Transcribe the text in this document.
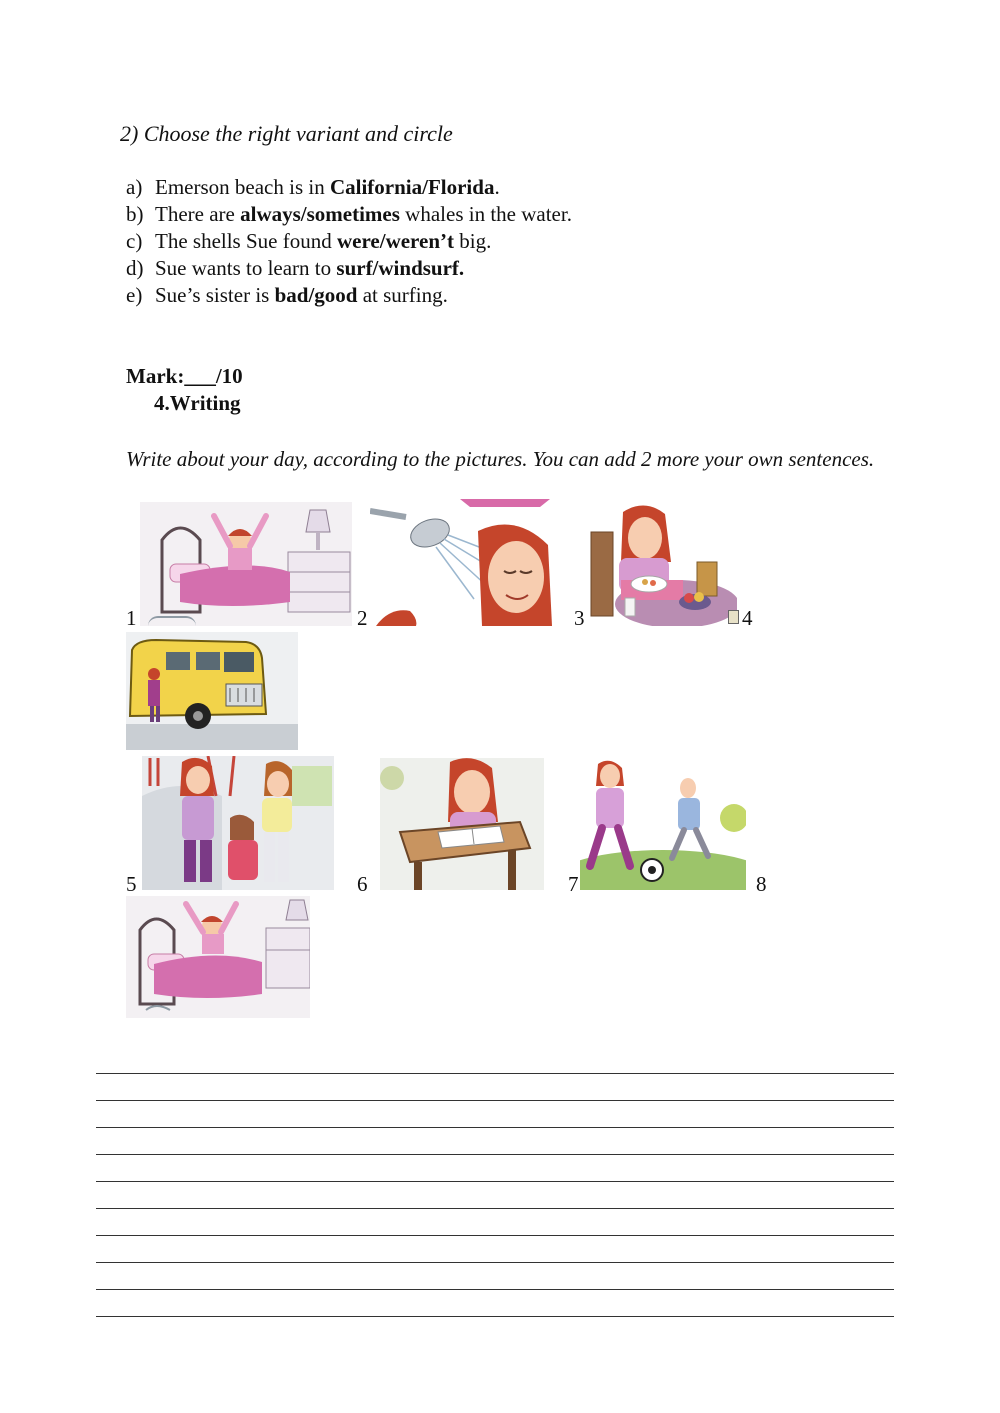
2) Choose the right variant and circle
a) Emerson beach is in California/Florida.
b) There are always/sometimes whales in the water.
c) The shells Sue found were/weren’t big.
d) Sue wants to learn to surf/windsurf.
e) Sue’s sister is bad/good at surfing.
Mark:___/10
4.Writing
Write about your day, according to the pictures. You can add 2 more your own sentences.
1	2	3	4
5	6	7	8
